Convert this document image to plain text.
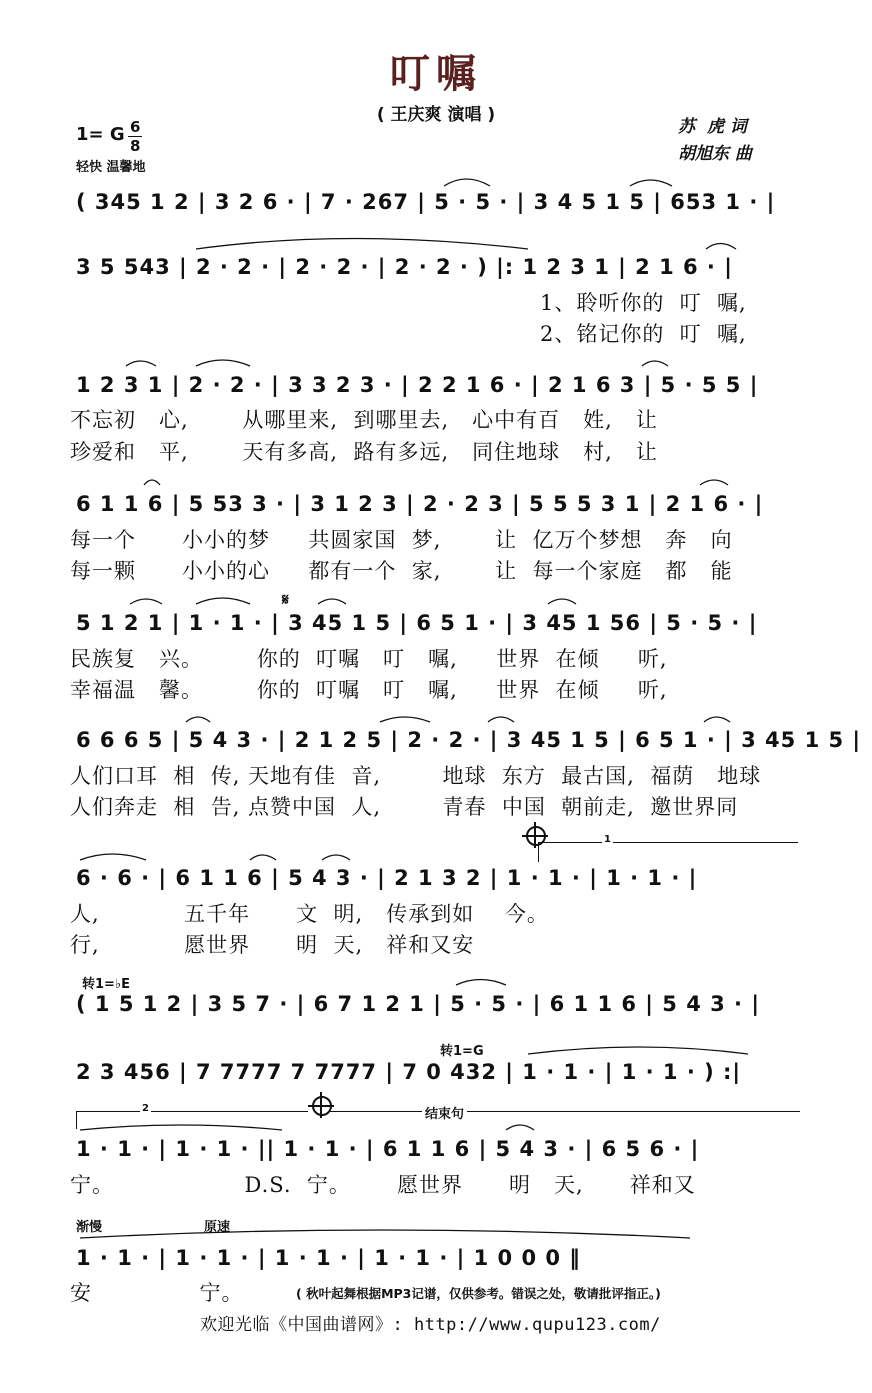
叮嘱
( 王庆爽 演唱 )
苏  虎 词
胡旭东 曲
1= G 6
8
轻快 温馨地
( 345 1 2 | 3 2 6 · | 7 · 267 | 5 · 5 · | 3 4 5 1 5 | 653 1 · |
3 5 543 | 2 · 2 · | 2 · 2 · | 2 · 2 · ) |: 1 2 3 1 | 2 1 6 · |
1、聆听你的  叮  嘱,
2、铭记你的  叮  嘱,
1 2 3 1 | 2 · 2 · | 3 3 2 3 · | 2 2 1 6 · | 2 1 6 3 | 5 · 5 5 |
不忘初   心,       从哪里来,  到哪里去,   心中有百   姓,   让
珍爱和   平,       天有多高,  路有多远,   同住地球   村,   让
6 1 1 6 | 5 53 3 · | 3 1 2 3 | 2 · 2 3 | 5 5 5 3 1 | 2 1 6 · |
每一个      小小的梦     共圆家国  梦,       让  亿万个梦想   奔   向
每一颗      小小的心     都有一个  家,       让  每一个家庭   都   能
𝄋
5 1 2 1 | 1 · 1 · | 3 45 1 5 | 6 5 1 · | 3 45 1 56 | 5 · 5 · |
民族复   兴。       你的  叮嘱   叮   嘱,     世界  在倾     听,
幸福温   馨。       你的  叮嘱   叮   嘱,     世界  在倾     听,
6 6 6 5 | 5 4 3 · | 2 1 2 5 | 2 · 2 · | 3 45 1 5 | 6 5 1 · | 3 45 1 5 |
人们口耳  相  传, 天地有佳  音,        地球  东方  最古国,  福荫   地球
人们奔走  相  告, 点赞中国  人,        青春  中国  朝前走,  邀世界同
1
6 · 6 · | 6 1 1 6 | 5 4 3 · | 2 1 3 2 | 1 · 1 · | 1 · 1 · |
人,           五千年      文  明,   传承到如    今。
行,           愿世界      明  天,   祥和又安
转1=♭E
( 1 5 1 2 | 3 5 7 · | 6 7 1 2 1 | 5 · 5 · | 6 1 1 6 | 5 4 3 · |
转1=G
2 3 456 | 7 7777 7 7777 | 7 0 432 | 1 · 1 · | 1 · 1 · ) :|
2	结束句
1 · 1 · | 1 · 1 · || 1 · 1 · | 6 1 1 6 | 5 4 3 · | 6 5 6 · |
宁。                 D.S.  宁。      愿世界      明   天,      祥和又
渐慢	原速
1 · 1 · | 1 · 1 · | 1 · 1 · | 1 · 1 · | 1 0 0 0 ‖
安              宁。	( 秋叶起舞根据MP3记谱，仅供参考。错误之处，敬请批评指正。)
欢迎光临《中国曲谱网》: http://www.qupu123.com/
